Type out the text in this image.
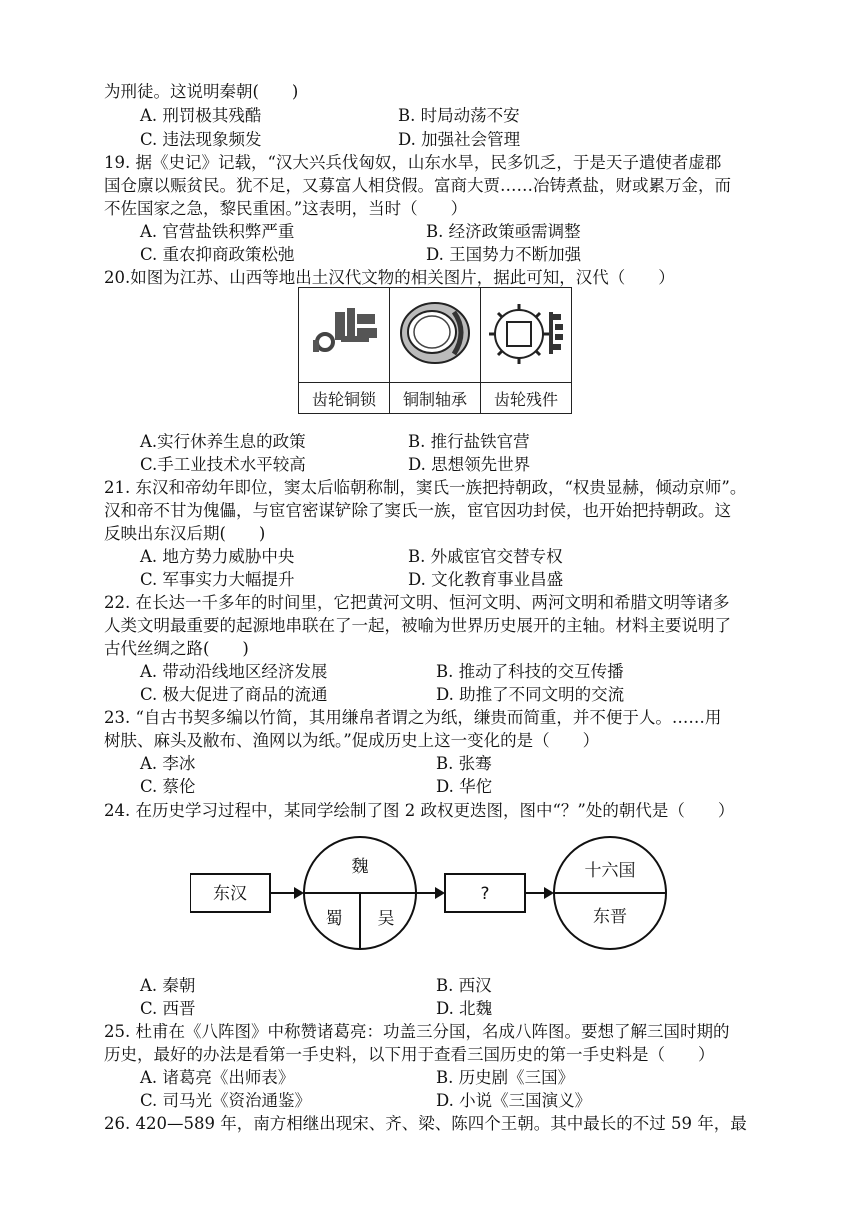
为刑徒。这说明秦朝(　　)
A. 刑罚极其残酷	B. 时局动荡不安
C. 违法现象频发	D. 加强社会管理
19. 据《史记》记载，“汉大兴兵伐匈奴，山东水旱，民多饥乏，于是天子遣使者虚郡
国仓廪以赈贫民。犹不足，又募富人相贷假。富商大贾……冶铸煮盐，财或累万金，而
不佐国家之急，黎民重困。”这表明，当时（　　）
A. 官营盐铁积弊严重	B. 经济政策亟需调整
C. 重农抑商政策松弛	D. 王国势力不断加强
20.如图为江苏、山西等地出土汉代文物的相关图片，据此可知，汉代（　　）

齿轮铜锁	铜制轴承	齿轮残件
A.实行休养生息的政策	B. 推行盐铁官营
C.手工业技术水平较高	D. 思想领先世界
21. 东汉和帝幼年即位，窦太后临朝称制，窦氏一族把持朝政，“权贵显赫，倾动京师”。
汉和帝不甘为傀儡，与宦官密谋铲除了窦氏一族，宦官因功封侯，也开始把持朝政。这
反映出东汉后期(　　)
A. 地方势力威胁中央	B. 外戚宦官交替专权
C. 军事实力大幅提升	D. 文化教育事业昌盛
22. 在长达一千多年的时间里，它把黄河文明、恒河文明、两河文明和希腊文明等诸多
人类文明最重要的起源地串联在了一起，被喻为世界历史展开的主轴。材料主要说明了
古代丝绸之路(　　)
A. 带动沿线地区经济发展	B. 推动了科技的交互传播
C. 极大促进了商品的流通	D. 助推了不同文明的交流
23. “自古书契多编以竹简，其用缣帛者谓之为纸，缣贵而简重，并不便于人。……用
树肤、麻头及敝布、渔网以为纸。”促成历史上这一变化的是（　　）
A. 李冰	B. 张骞
C. 蔡伦	D. 华佗
24. 在历史学习过程中，某同学绘制了图 2 政权更迭图，图中“？”处的朝代是（　　）
东汉
魏
蜀 吴
?
十六国
东晋
A. 秦朝	B. 西汉
C. 西晋	D. 北魏
25. 杜甫在《八阵图》中称赞诸葛亮：功盖三分国，名成八阵图。要想了解三国时期的
历史，最好的办法是看第一手史料，以下用于查看三国历史的第一手史料是（　　）
A. 诸葛亮《出师表》	B. 历史剧《三国》
C. 司马光《资治通鉴》	D. 小说《三国演义》
26. 420—589 年，南方相继出现宋、齐、梁、陈四个王朝。其中最长的不过 59 年，最
